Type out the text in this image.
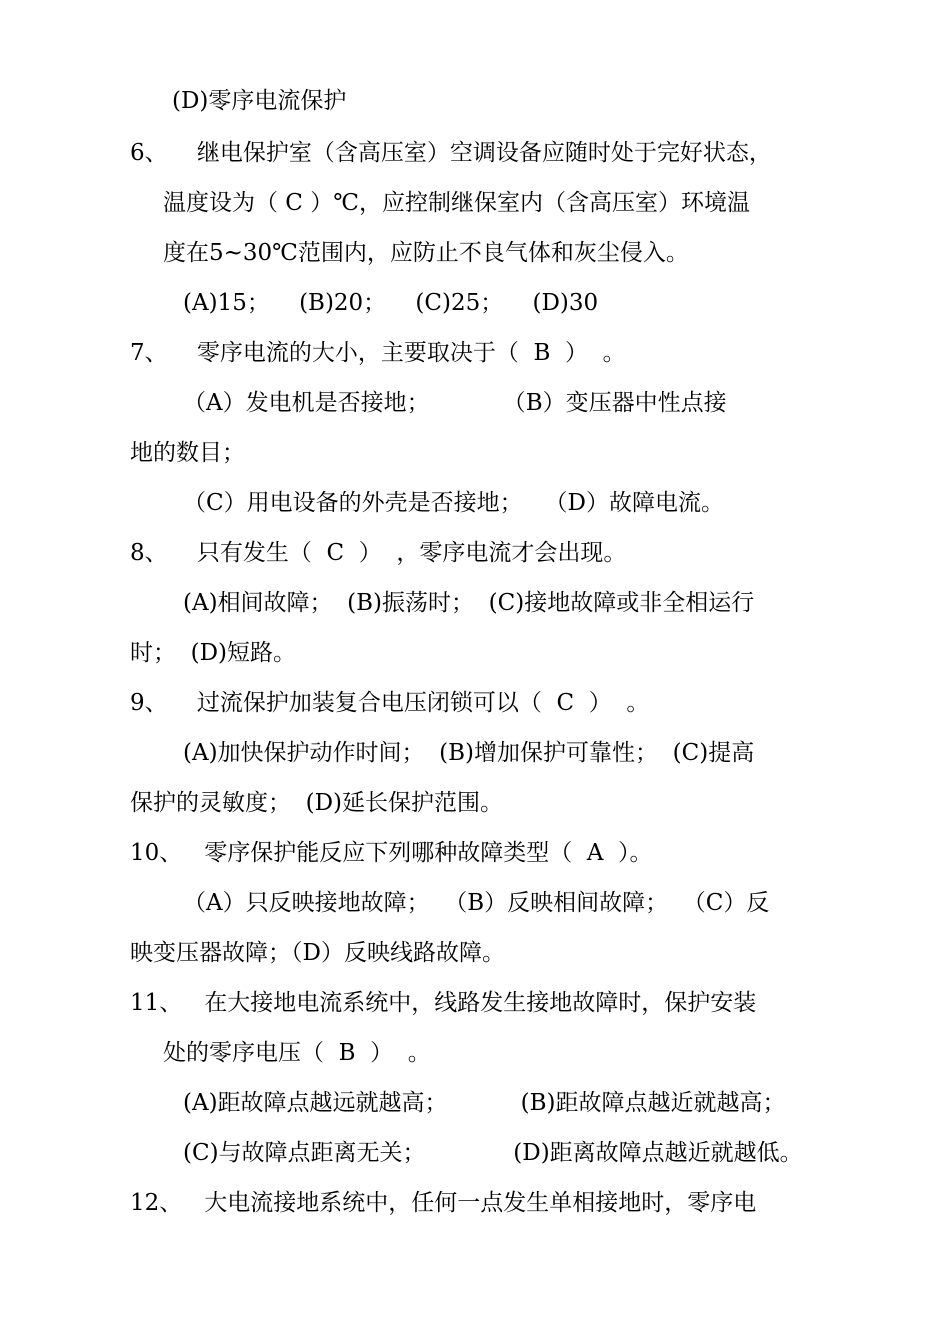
(D)零序电流保护
6、    继电保护室（含高压室）空调设备应随时处于完好状态，
温度设为（ C ）℃，应控制继保室内（含高压室）环境温
度在5~30℃范围内，应防止不良气体和灰尘侵入。
(A)15；    (B)20；    (C)25；    (D)30
7、    零序电流的大小，主要取决于（  B  ）  。
（A）发电机是否接地；          （B）变压器中性点接
地的数目；
（C）用电设备的外壳是否接地；   （D）故障电流。
8、    只有发生（  C  ）  ，零序电流才会出现。
(A)相间故障；  (B)振荡时；  (C)接地故障或非全相运行
时；  (D)短路。
9、    过流保护加装复合电压闭锁可以（  C  ）  。
(A)加快保护动作时间；  (B)增加保护可靠性；  (C)提高
保护的灵敏度；  (D)延长保护范围。
10、   零序保护能反应下列哪种故障类型（  A  ）。
（A）只反映接地故障；  （B）反映相间故障；  （C）反
映变压器故障；（D）反映线路故障。
11、   在大接地电流系统中，线路发生接地故障时，保护安装
处的零序电压（  B  ）  。
(A)距故障点越远就越高；          (B)距故障点越近就越高；
(C)与故障点距离无关；            (D)距离故障点越近就越低。
12、   大电流接地系统中，任何一点发生单相接地时，零序电
